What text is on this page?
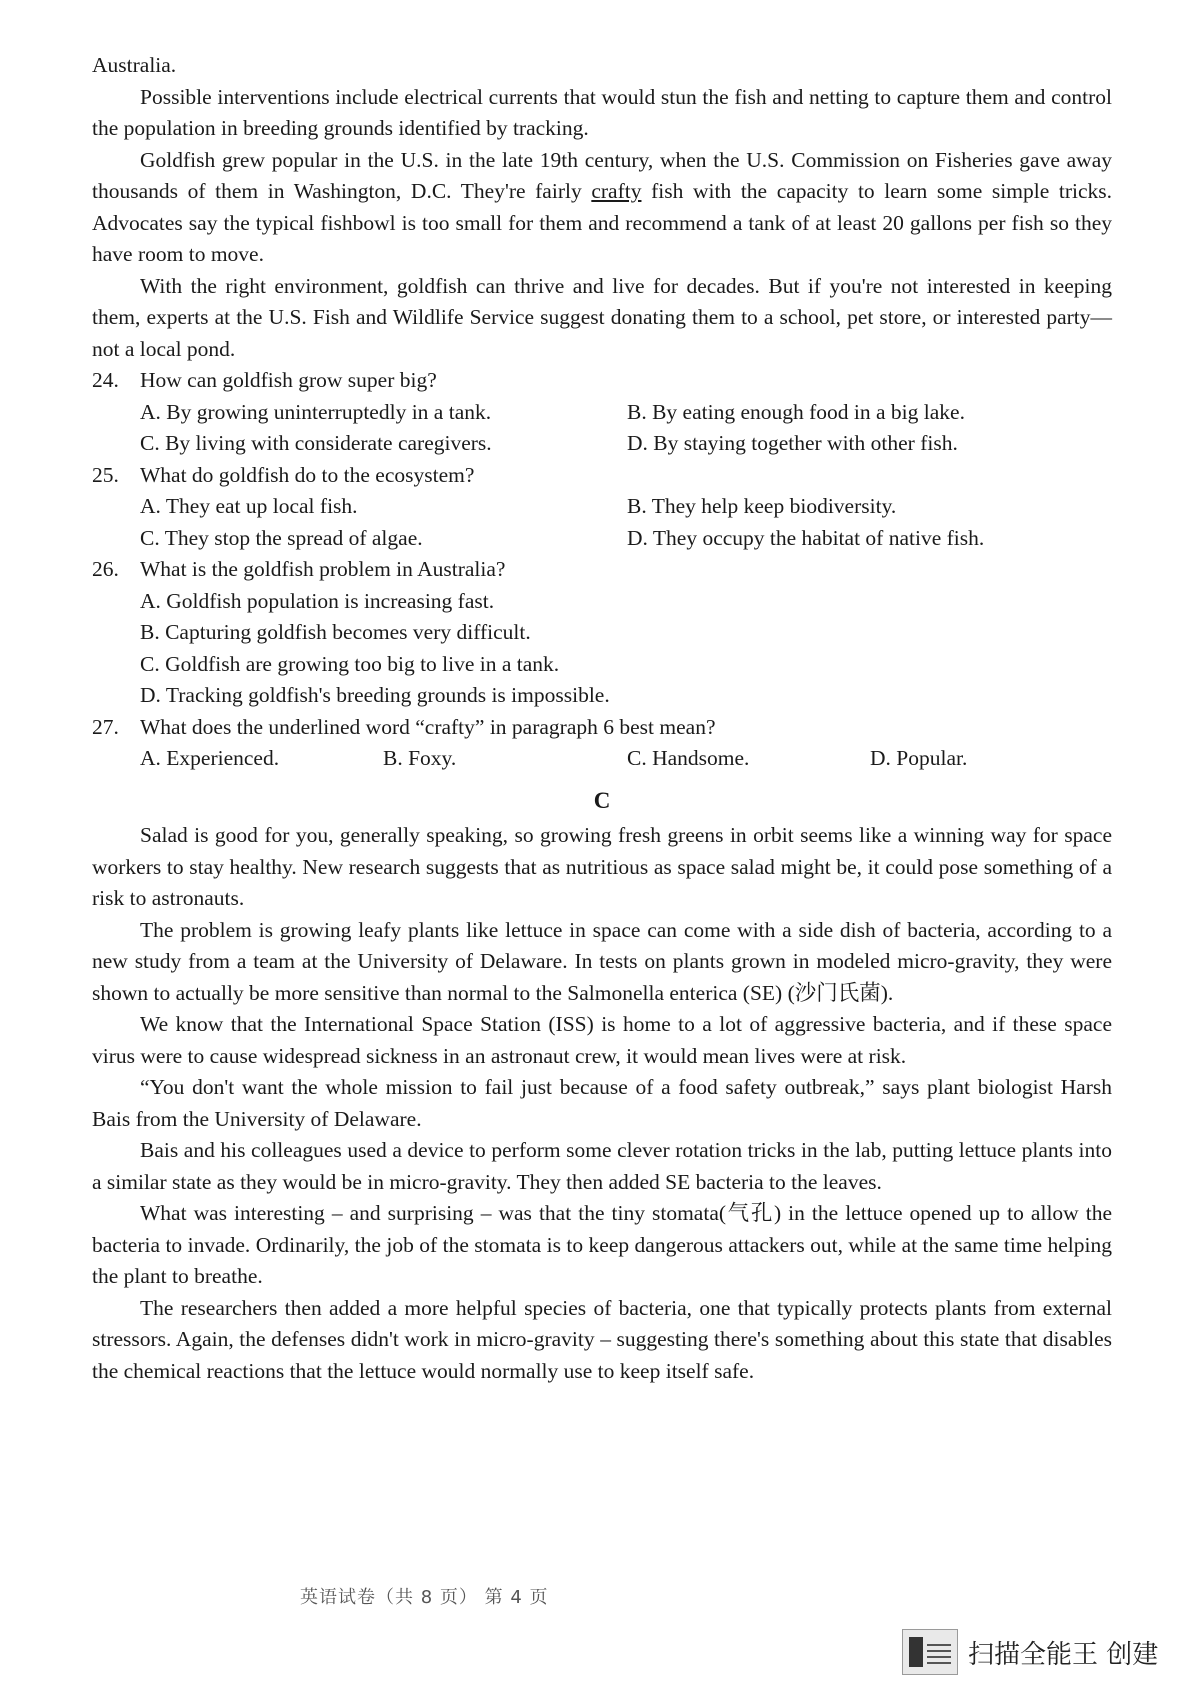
Australia.

Possible interventions include electrical currents that would stun the fish and netting to capture them and control the population in breeding grounds identified by tracking.

Goldfish grew popular in the U.S. in the late 19th century, when the U.S. Commission on Fisheries gave away thousands of them in Washington, D.C. They're fairly crafty fish with the capacity to learn some simple tricks. Advocates say the typical fishbowl is too small for them and recommend a tank of at least 20 gallons per fish so they have room to move.

With the right environment, goldfish can thrive and live for decades. But if you're not interested in keeping them, experts at the U.S. Fish and Wildlife Service suggest donating them to a school, pet store, or interested party—not a local pond.

24. How can goldfish grow super big?
A. By growing uninterruptedly in a tank.	B. By eating enough food in a big lake.
C. By living with considerate caregivers.	D. By staying together with other fish.
25. What do goldfish do to the ecosystem?
A. They eat up local fish.	B. They help keep biodiversity.
C. They stop the spread of algae.	D. They occupy the habitat of native fish.
26. What is the goldfish problem in Australia?
A. Goldfish population is increasing fast.
B. Capturing goldfish becomes very difficult.
C. Goldfish are growing too big to live in a tank.
D. Tracking goldfish's breeding grounds is impossible.
27. What does the underlined word “crafty” in paragraph 6 best mean?
A. Experienced.	B. Foxy.	C. Handsome.	D. Popular.
C

Salad is good for you, generally speaking, so growing fresh greens in orbit seems like a winning way for space workers to stay healthy. New research suggests that as nutritious as space salad might be, it could pose something of a risk to astronauts.

The problem is growing leafy plants like lettuce in space can come with a side dish of bacteria, according to a new study from a team at the University of Delaware. In tests on plants grown in modeled micro-gravity, they were shown to actually be more sensitive than normal to the Salmonella enterica (SE) (沙门氏菌).

We know that the International Space Station (ISS) is home to a lot of aggressive bacteria, and if these space virus were to cause widespread sickness in an astronaut crew, it would mean lives were at risk.

“You don't want the whole mission to fail just because of a food safety outbreak,” says plant biologist Harsh Bais from the University of Delaware.

Bais and his colleagues used a device to perform some clever rotation tricks in the lab, putting lettuce plants into a similar state as they would be in micro-gravity. They then added SE bacteria to the leaves.

What was interesting – and surprising – was that the tiny stomata(气孔) in the lettuce opened up to allow the bacteria to invade. Ordinarily, the job of the stomata is to keep dangerous attackers out, while at the same time helping the plant to breathe.

The researchers then added a more helpful species of bacteria, one that typically protects plants from external stressors. Again, the defenses didn't work in micro-gravity – suggesting there's something about this state that disables the chemical reactions that the lettuce would normally use to keep itself safe.

英语试卷（共 8 页） 第 4 页
扫描全能王 创建
